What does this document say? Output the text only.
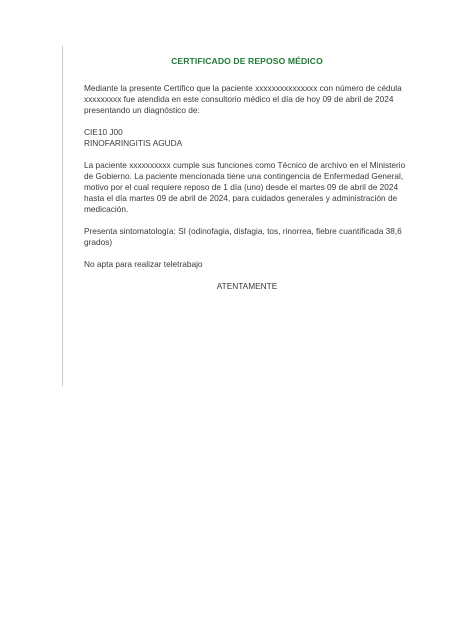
CERTIFICADO DE REPOSO MÉDICO
Mediante la presente Certifico que la paciente xxxxxxxxxxxxxxx con número de cédula
xxxxxxxxx fue atendida en este consultorio médico el día de hoy 09 de abril de 2024
presentando un diagnóstico de:
CIE10 J00
RINOFARINGITIS AGUDA
La paciente xxxxxxxxxx cumple sus funciones como Técnico de archivo en el Ministerio
de Gobierno. La paciente mencionada tiene una contingencia de Enfermedad General,
motivo por el cual requiere reposo de 1 día (uno) desde el martes 09 de abril de 2024
hasta el día martes 09 de abril de 2024, para cuidados generales y administración de
medicación.
Presenta sintomatología: SI (odinofagia, disfagia, tos, rinorrea, fiebre cuantificada 38,6
grados)
No apta para realizar teletrabajo
ATENTAMENTE
